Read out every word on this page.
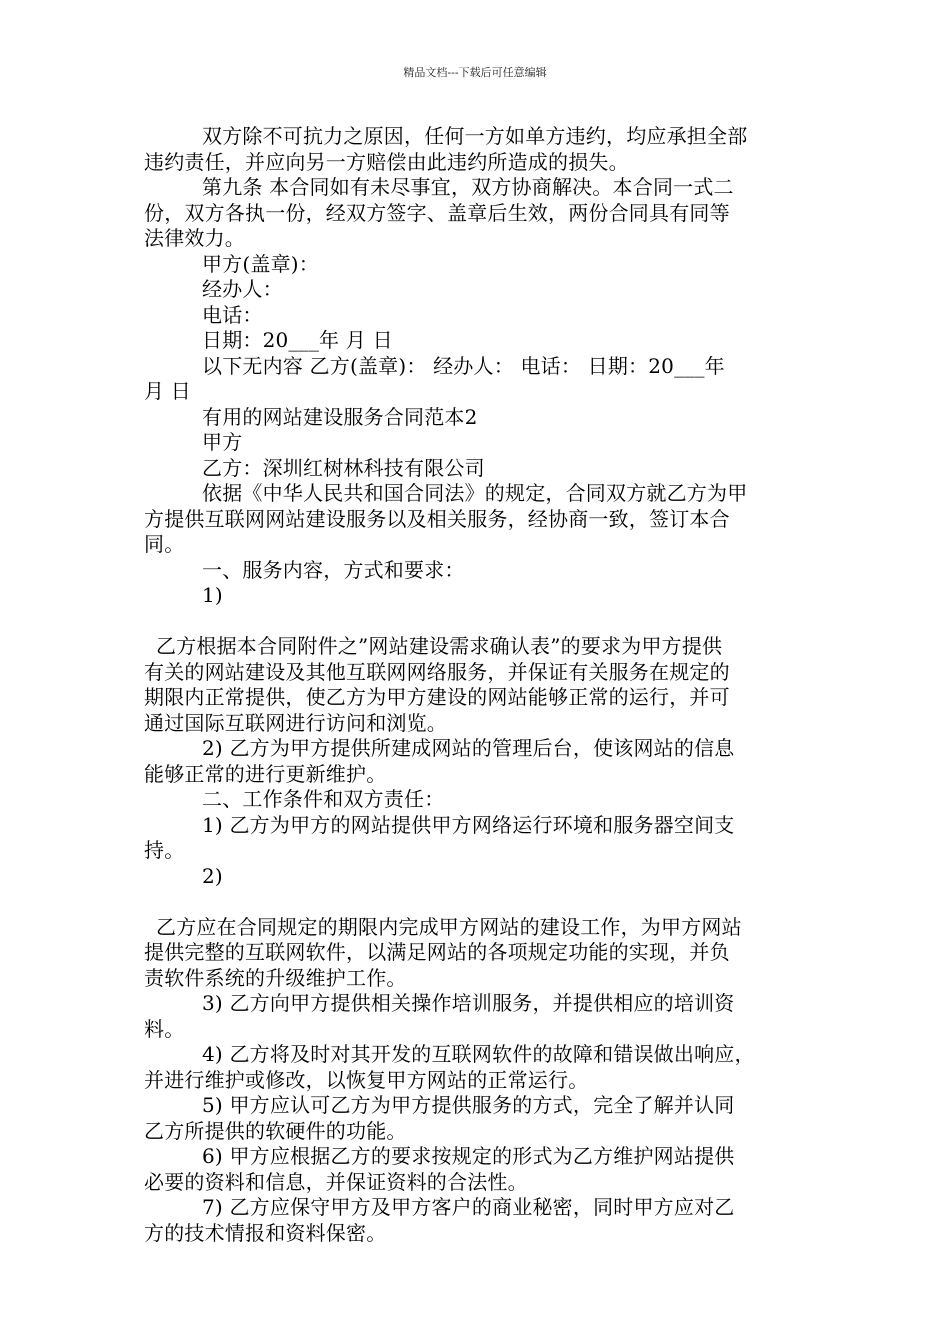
精品文档---下载后可任意编辑
双方除不可抗力之原因，任何一方如单方违约，均应承担全部
违约责任，并应向另一方赔偿由此违约所造成的损失。
第九条 本合同如有未尽事宜，双方协商解决。本合同一式二
份，双方各执一份，经双方签字、盖章后生效，两份合同具有同等
法律效力。
甲方(盖章)：
经办人：
电话：
日期：20___年 月 日
以下无内容 乙方(盖章)： 经办人： 电话： 日期：20___年
月 日
有用的网站建设服务合同范本2
甲方
乙方：深圳红树林科技有限公司
依据《中华人民共和国合同法》的规定，合同双方就乙方为甲
方提供互联网网站建设服务以及相关服务，经协商一致，签订本合
同。
一、服务内容，方式和要求：
1)
乙方根据本合同附件之”网站建设需求确认表”的要求为甲方提供
有关的网站建设及其他互联网网络服务，并保证有关服务在规定的
期限内正常提供，使乙方为甲方建设的网站能够正常的运行，并可
通过国际互联网进行访问和浏览。
2) 乙方为甲方提供所建成网站的管理后台，使该网站的信息
能够正常的进行更新维护。
二、工作条件和双方责任：
1) 乙方为甲方的网站提供甲方网络运行环境和服务器空间支
持。
2)
乙方应在合同规定的期限内完成甲方网站的建设工作，为甲方网站
提供完整的互联网软件，以满足网站的各项规定功能的实现，并负
责软件系统的升级维护工作。
3) 乙方向甲方提供相关操作培训服务，并提供相应的培训资
料。
4) 乙方将及时对其开发的互联网软件的故障和错误做出响应，
并进行维护或修改，以恢复甲方网站的正常运行。
5) 甲方应认可乙方为甲方提供服务的方式，完全了解并认同
乙方所提供的软硬件的功能。
6) 甲方应根据乙方的要求按规定的形式为乙方维护网站提供
必要的资料和信息，并保证资料的合法性。
7) 乙方应保守甲方及甲方客户的商业秘密，同时甲方应对乙
方的技术情报和资料保密。
